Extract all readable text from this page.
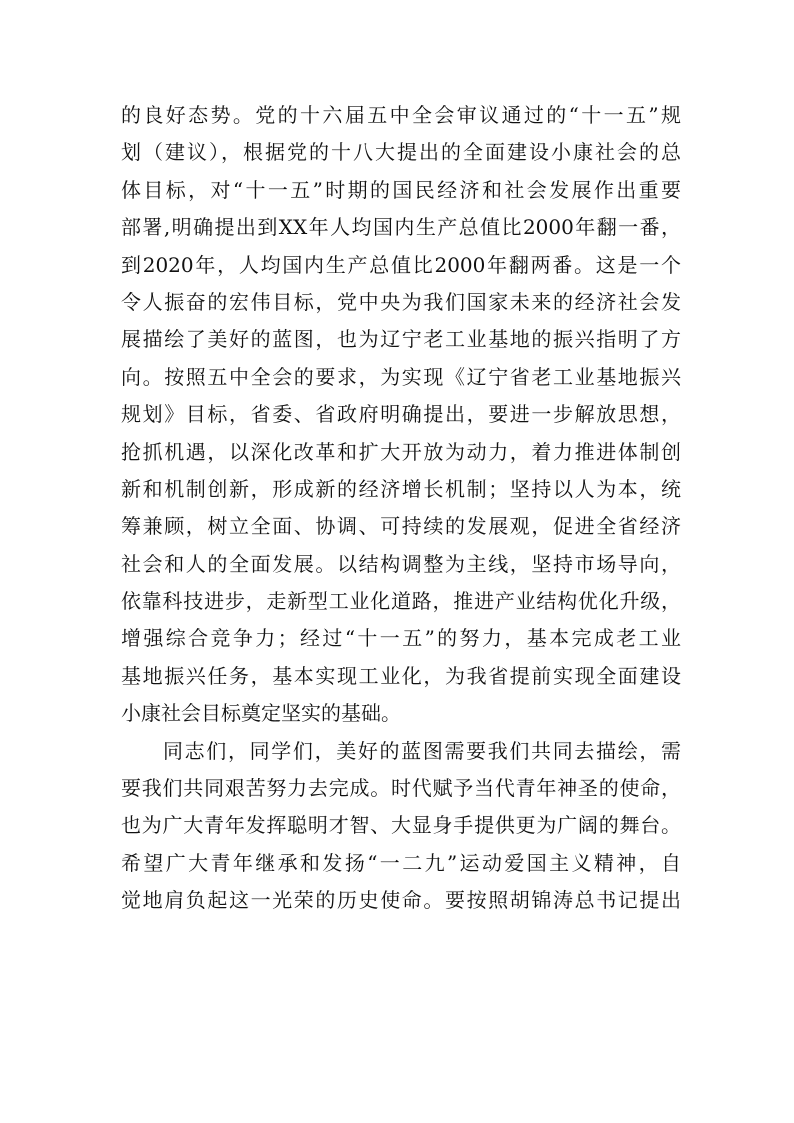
的良好态势。党的十六届五中全会审议通过的“十一五”规
划（建议），根据党的十八大提出的全面建设小康社会的总
体目标，对“十一五”时期的国民经济和社会发展作出重要
部署,明确提出到XX年人均国内生产总值比2000年翻一番，
到2020年，人均国内生产总值比2000年翻两番。这是一个
令人振奋的宏伟目标，党中央为我们国家未来的经济社会发
展描绘了美好的蓝图，也为辽宁老工业基地的振兴指明了方
向。按照五中全会的要求，为实现《辽宁省老工业基地振兴
规划》目标，省委、省政府明确提出，要进一步解放思想，
抢抓机遇，以深化改革和扩大开放为动力，着力推进体制创
新和机制创新，形成新的经济增长机制；坚持以人为本，统
筹兼顾，树立全面、协调、可持续的发展观，促进全省经济
社会和人的全面发展。以结构调整为主线，坚持市场导向，
依靠科技进步，走新型工业化道路，推进产业结构优化升级，
增强综合竞争力；经过“十一五”的努力，基本完成老工业
基地振兴任务，基本实现工业化，为我省提前实现全面建设
小康社会目标奠定坚实的基础。
同志们，同学们，美好的蓝图需要我们共同去描绘，需
要我们共同艰苦努力去完成。时代赋予当代青年神圣的使命，
也为广大青年发挥聪明才智、大显身手提供更为广阔的舞台。
希望广大青年继承和发扬“一二九”运动爱国主义精神，自
觉地肩负起这一光荣的历史使命。要按照胡锦涛总书记提出
